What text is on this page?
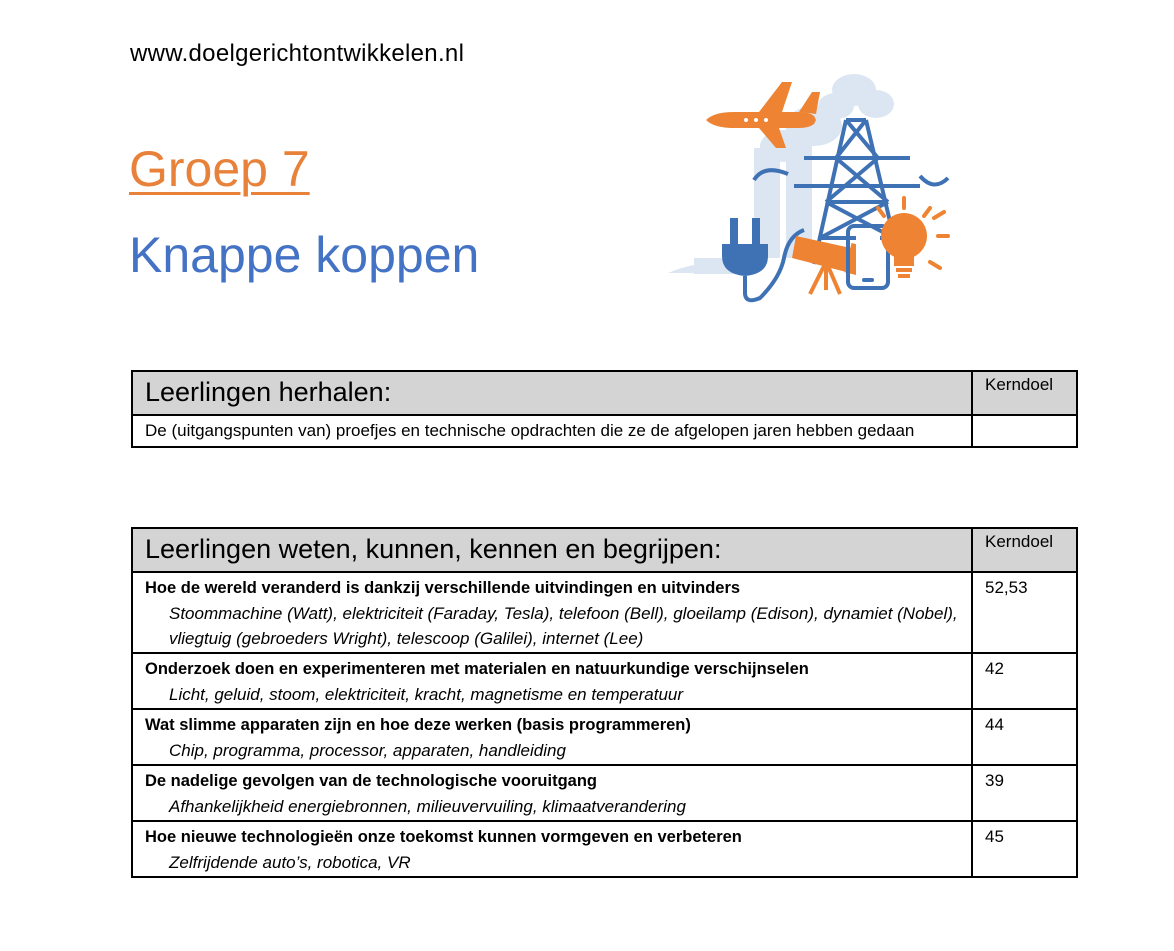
www.doelgerichtontwikkelen.nl
Groep 7
Knappe koppen
Leerlingen herhalen:	Kerndoel
De (uitgangspunten van) proefjes en technische opdrachten die ze de afgelopen jaren hebben gedaan	
Leerlingen weten, kunnen, kennen en begrijpen:	Kerndoel

Hoe de wereld veranderd is dankzij verschillende uitvindingen en uitvinders
Stoommachine (Watt), elektriciteit (Faraday, Tesla), telefoon (Bell), gloeilamp (Edison), dynamiet (Nobel), vliegtuig (gebroeders Wright), telescoop (Galilei), internet (Lee)	52,53

Onderzoek doen en experimenteren met materialen en natuurkundige verschijnselen
Licht, geluid, stoom, elektriciteit, kracht, magnetisme en temperatuur	42

Wat slimme apparaten zijn en hoe deze werken (basis programmeren)
Chip, programma, processor, apparaten, handleiding	44

De nadelige gevolgen van de technologische vooruitgang
Afhankelijkheid energiebronnen, milieuvervuiling, klimaatverandering	39

Hoe nieuwe technologieën onze toekomst kunnen vormgeven en verbeteren
Zelfrijdende auto’s, robotica, VR	45
